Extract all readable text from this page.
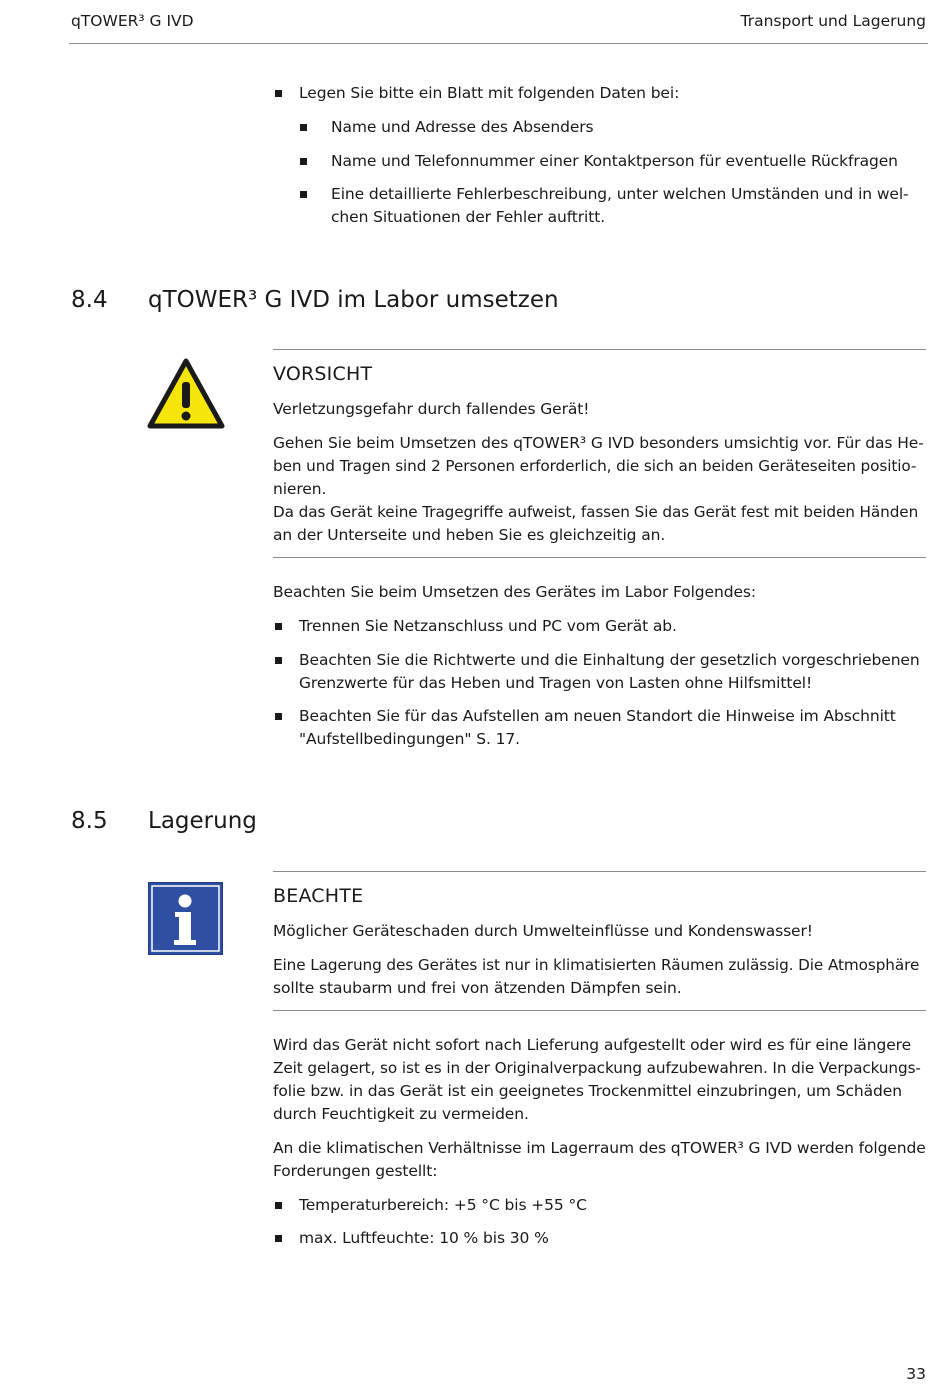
qTOWER³ G IVD	Transport und Lagerung
Legen Sie bitte ein Blatt mit folgenden Daten bei:
Name und Adresse des Absenders
Name und Telefonnummer einer Kontaktperson für eventuelle Rückfragen
Eine detaillierte Fehlerbeschreibung, unter welchen Umständen und in wel-
chen Situationen der Fehler auftritt.
8.4 qTOWER³ G IVD im Labor umsetzen
VORSICHT
Verletzungsgefahr durch fallendes Gerät!
Gehen Sie beim Umsetzen des qTOWER³ G IVD besonders umsichtig vor. Für das He-
ben und Tragen sind 2 Personen erforderlich, die sich an beiden Geräteseiten positio-
nieren.
Da das Gerät keine Tragegriffe aufweist, fassen Sie das Gerät fest mit beiden Händen
an der Unterseite und heben Sie es gleichzeitig an.
Beachten Sie beim Umsetzen des Gerätes im Labor Folgendes:
Trennen Sie Netzanschluss und PC vom Gerät ab.
Beachten Sie die Richtwerte und die Einhaltung der gesetzlich vorgeschriebenen
Grenzwerte für das Heben und Tragen von Lasten ohne Hilfsmittel!
Beachten Sie für das Aufstellen am neuen Standort die Hinweise im Abschnitt
"Aufstellbedingungen" S. 17.
8.5 Lagerung
BEACHTE
Möglicher Geräteschaden durch Umwelteinflüsse und Kondenswasser!
Eine Lagerung des Gerätes ist nur in klimatisierten Räumen zulässig. Die Atmosphäre
sollte staubarm und frei von ätzenden Dämpfen sein.
Wird das Gerät nicht sofort nach Lieferung aufgestellt oder wird es für eine längere
Zeit gelagert, so ist es in der Originalverpackung aufzubewahren. In die Verpackungs-
folie bzw. in das Gerät ist ein geeignetes Trockenmittel einzubringen, um Schäden
durch Feuchtigkeit zu vermeiden.
An die klimatischen Verhältnisse im Lagerraum des qTOWER³ G IVD werden folgende
Forderungen gestellt:
Temperaturbereich: +5 °C bis +55 °C
max. Luftfeuchte: 10 % bis 30 %
33
